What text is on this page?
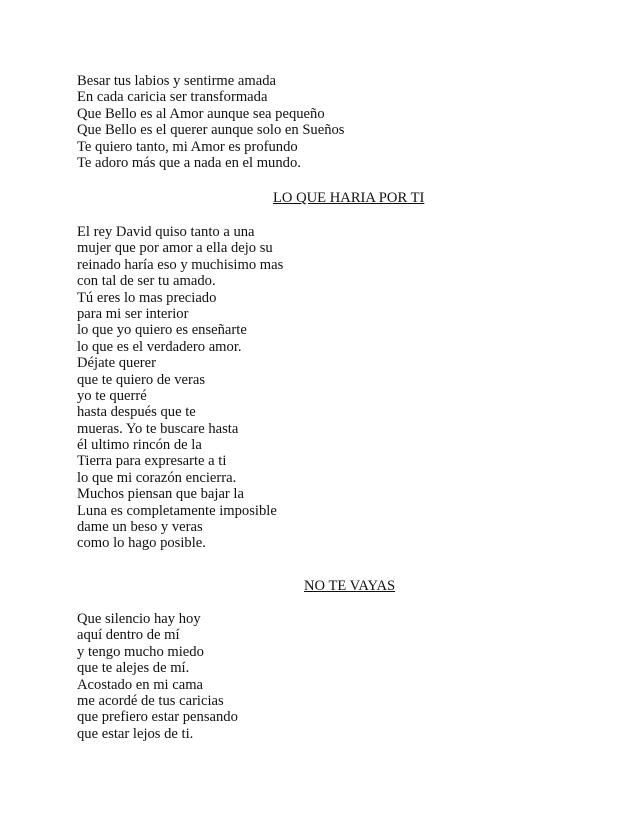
Besar tus labios y sentirme amada
En cada caricia ser transformada
Que Bello es al Amor aunque sea pequeño
Que Bello es el querer aunque solo en Sueños
Te quiero tanto, mi Amor es profundo
Te adoro más que a nada en el mundo.
LO QUE HARIA POR TI
El rey David quiso tanto a una
mujer que por amor a ella dejo su
reinado haría eso y muchisimo mas
con tal de ser tu amado.
Tú eres lo mas preciado
para mi ser interior
lo que yo quiero es enseñarte
lo que es el verdadero amor.
Déjate querer
que te quiero de veras
yo te querré
hasta después que te
mueras. Yo te buscare hasta
él ultimo rincón de la
Tierra para expresarte a ti
lo que mi corazón encierra.
Muchos piensan que bajar la
Luna es completamente imposible
dame un beso y veras
como lo hago posible.
NO TE VAYAS
Que silencio hay hoy
aquí dentro de mí
y tengo mucho miedo
que te alejes de mí.
Acostado en mi cama
me acordé de tus caricias
que prefiero estar pensando
que estar lejos de ti.
